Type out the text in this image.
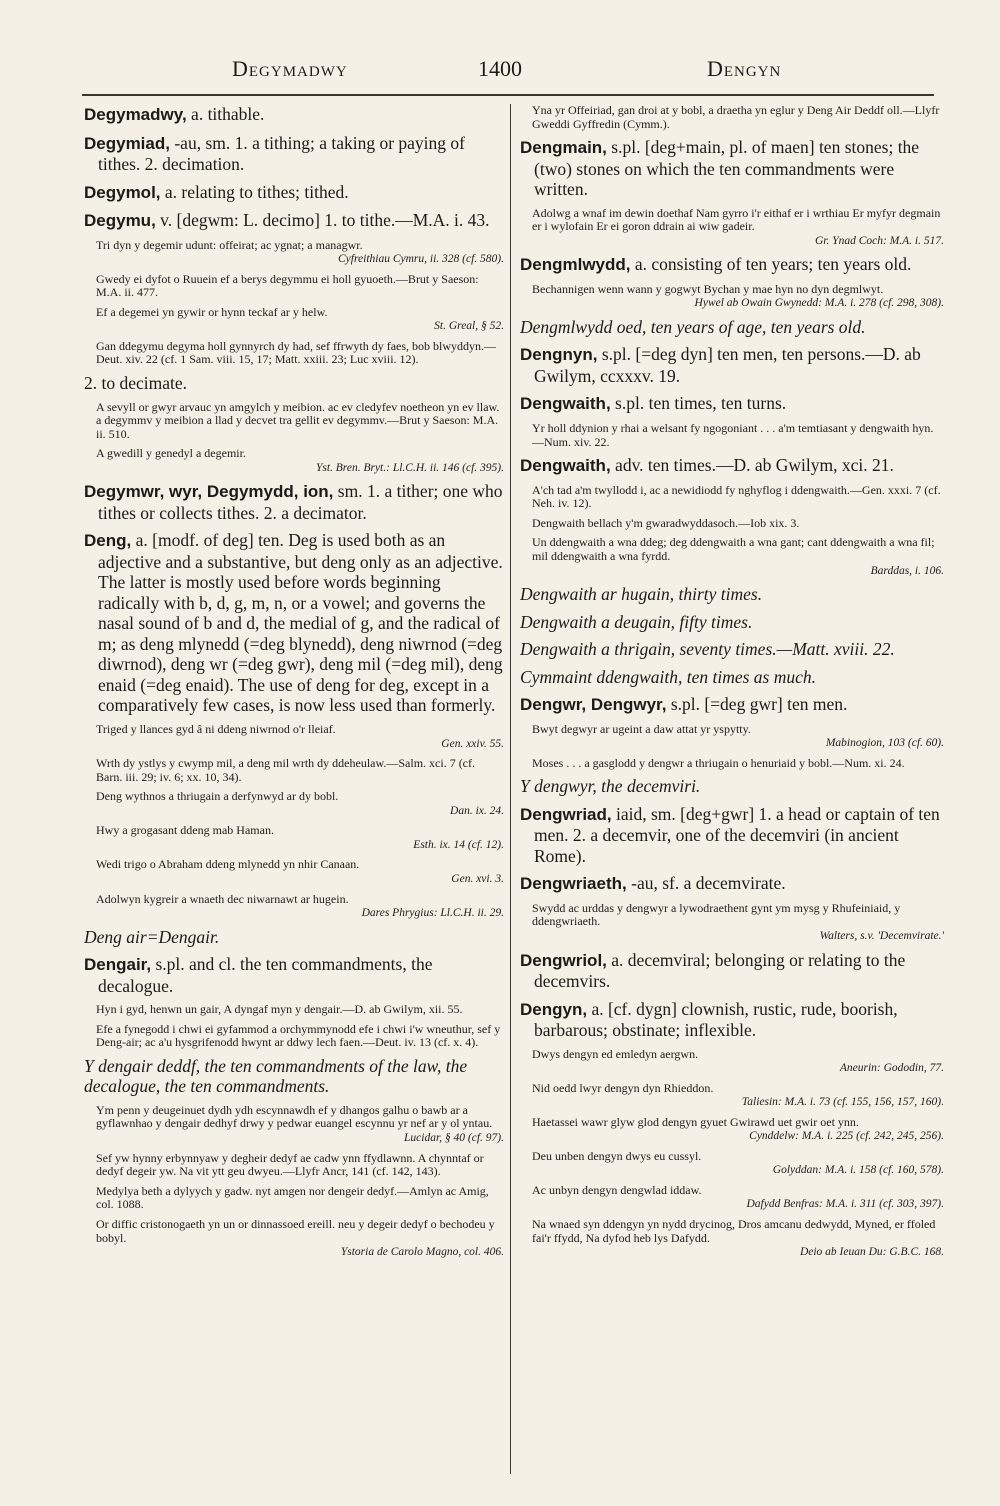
Degymadwy	1400	Dengyn
Degymadwy, a. tithable.
Degymiad, -au, sm. 1. a tithing; a taking or paying of tithes. 2. decimation.
Degymol, a. relating to tithes; tithed.
Degymu, v. [degwm: L. decimo] 1. to tithe.—M.A. i. 43.
Tri dyn y degemir udunt: offeirat; ac ygnat; a managwr.
Cyfreithiau Cymru, ii. 328 (cf. 580).
Gwedy ei dyfot o Ruuein ef a berys degymmu ei holl gyuoeth.—Brut y Saeson: M.A. ii. 477.
Ef a degemei yn gywir or hynn teckaf ar y helw.
St. Greal, § 52.
Gan ddegymu degyma holl gynnyrch dy had, sef ffrwyth dy faes, bob blwyddyn.—Deut. xiv. 22 (cf. 1 Sam. viii. 15, 17; Matt. xxiii. 23; Luc xviii. 12).
2. to decimate.
A sevyll or gwyr arvauc yn amgylch y meibion. ac ev cledyfev noetheon yn ev llaw. a degymmv y meibion a llad y decvet tra gellit ev degymmv.—Brut y Saeson: M.A. ii. 510.
A gwedill y genedyl a degemir.
Yst. Bren. Bryt.: Ll.C.H. ii. 146 (cf. 395).
Degymwr, wyr, Degymydd, ion, sm. 1. a tither; one who tithes or collects tithes. 2. a decimator.
Deng, a. [modf. of deg] ten. Deg is used both as an adjective and a substantive, but deng only as an adjective. The latter is mostly used before words beginning radically with b, d, g, m, n, or a vowel; and governs the nasal sound of b and d, the medial of g, and the radical of m; as deng mlynedd (=deg blynedd), deng niwrnod (=deg diwrnod), deng wr (=deg gwr), deng mil (=deg mil), deng enaid (=deg enaid). The use of deng for deg, except in a comparatively few cases, is now less used than formerly.
Triged y llances gyd â ni ddeng niwrnod o'r lleiaf.
Gen. xxiv. 55.
Wrth dy ystlys y cwymp mil, a deng mil wrth dy ddeheulaw.—Salm. xci. 7 (cf. Barn. iii. 29; iv. 6; xx. 10, 34).
Deng wythnos a thriugain a derfynwyd ar dy bobl.
Dan. ix. 24.
Hwy a grogasant ddeng mab Haman.
Esth. ix. 14 (cf. 12).
Wedi trigo o Abraham ddeng mlynedd yn nhir Canaan.
Gen. xvi. 3.
Adolwyn kygreir a wnaeth dec niwarnawt ar hugein.
Dares Phrygius: Ll.C.H. ii. 29.
Deng air=Dengair.
Dengair, s.pl. and cl. the ten commandments, the decalogue.
Hyn i gyd, henwn un gair, A dyngaf myn y dengair.—D. ab Gwilym, xii. 55.
Efe a fynegodd i chwi ei gyfammod a orchymmynodd efe i chwi i'w wneuthur, sef y Deng-air; ac a'u hysgrifenodd hwynt ar ddwy lech faen.—Deut. iv. 13 (cf. x. 4).
Y dengair deddf, the ten commandments of the law, the decalogue, the ten commandments.
Ym penn y deugeinuet dydh ydh escynnawdh ef y dhangos galhu o bawb ar a gyflawnhao y dengair dedhyf drwy y pedwar euangel escynnu yr nef ar y ol yntau.
Lucidar, § 40 (cf. 97).
Sef yw hynny erbynnyaw y degheir dedyf ae cadw ynn ffydlawnn. A chynntaf or dedyf degeir yw. Na vit ytt geu dwyeu.—Llyfr Ancr, 141 (cf. 142, 143).
Medylya beth a dylyych y gadw. nyt amgen nor dengeir dedyf.—Amlyn ac Amig, col. 1088.
Or diffic cristonogaeth yn un or dinnassoed ereill. neu y degeir dedyf o bechodeu y bobyl.
Ystoria de Carolo Magno, col. 406.
Yna yr Offeiriad, gan droi at y bobl, a draetha yn eglur y Deng Air Deddf oll.—Llyfr Gweddi Gyffredin (Cymm.).
Dengmain, s.pl. [deg+main, pl. of maen] ten stones; the (two) stones on which the ten commandments were written.
Adolwg a wnaf im dewin doethaf Nam gyrro i'r eithaf er i wrthiau Er myfyr degmain er i wylofain Er ei goron ddrain ai wiw gadeir.
Gr. Ynad Coch: M.A. i. 517.
Dengmlwydd, a. consisting of ten years; ten years old.
Bechannigen wenn wann y gogwyt Bychan y mae hyn no dyn degmlwyt.
Hywel ab Owain Gwynedd: M.A. i. 278 (cf. 298, 308).
Dengmlwydd oed, ten years of age, ten years old.
Dengnyn, s.pl. [=deg dyn] ten men, ten persons.—D. ab Gwilym, ccxxxv. 19.
Dengwaith, s.pl. ten times, ten turns.
Yr holl ddynion y rhai a welsant fy ngogoniant . . . a'm temtiasant y dengwaith hyn.—Num. xiv. 22.
Dengwaith, adv. ten times.—D. ab Gwilym, xci. 21.
A'ch tad a'm twyllodd i, ac a newidiodd fy nghyflog i ddengwaith.—Gen. xxxi. 7 (cf. Neh. iv. 12).
Dengwaith bellach y'm gwaradwyddasoch.—Iob xix. 3.
Un ddengwaith a wna ddeg; deg ddengwaith a wna gant; cant ddengwaith a wna fil; mil ddengwaith a wna fyrdd.
Barddas, i. 106.
Dengwaith ar hugain, thirty times.
Dengwaith a deugain, fifty times.
Dengwaith a thrigain, seventy times.—Matt. xviii. 22.
Cymmaint ddengwaith, ten times as much.
Dengwr, Dengwyr, s.pl. [=deg gwr] ten men.
Bwyt degwyr ar ugeint a daw attat yr yspytty.
Mabinogion, 103 (cf. 60).
Moses . . . a gasglodd y dengwr a thriugain o henuriaid y bobl.—Num. xi. 24.
Y dengwyr, the decemviri.
Dengwriad, iaid, sm. [deg+gwr] 1. a head or captain of ten men. 2. a decemvir, one of the decemviri (in ancient Rome).
Dengwriaeth, -au, sf. a decemvirate.
Swydd ac urddas y dengwyr a lywodraethent gynt ym mysg y Rhufeiniaid, y ddengwriaeth.
Walters, s.v. 'Decemvirate.'
Dengwriol, a. decemviral; belonging or relating to the decemvirs.
Dengyn, a. [cf. dygn] clownish, rustic, rude, boorish, barbarous; obstinate; inflexible.
Dwys dengyn ed emledyn aergwn.
Aneurin: Gododin, 77.
Nid oedd lwyr dengyn dyn Rhieddon.
Taliesin: M.A. i. 73 (cf. 155, 156, 157, 160).
Haetassei wawr glyw glod dengyn gyuet Gwirawd uet gwir oet ynn.
Cynddelw: M.A. i. 225 (cf. 242, 245, 256).
Deu unben dengyn dwys eu cussyl.
Golyddan: M.A. i. 158 (cf. 160, 578).
Ac unbyn dengyn dengwlad iddaw.
Dafydd Benfras: M.A. i. 311 (cf. 303, 397).
Na wnaed syn ddengyn yn nydd drycinog, Dros amcanu dedwydd, Myned, er ffoled fai'r ffydd, Na dyfod heb lys Dafydd.
Deio ab Ieuan Du: G.B.C. 168.
